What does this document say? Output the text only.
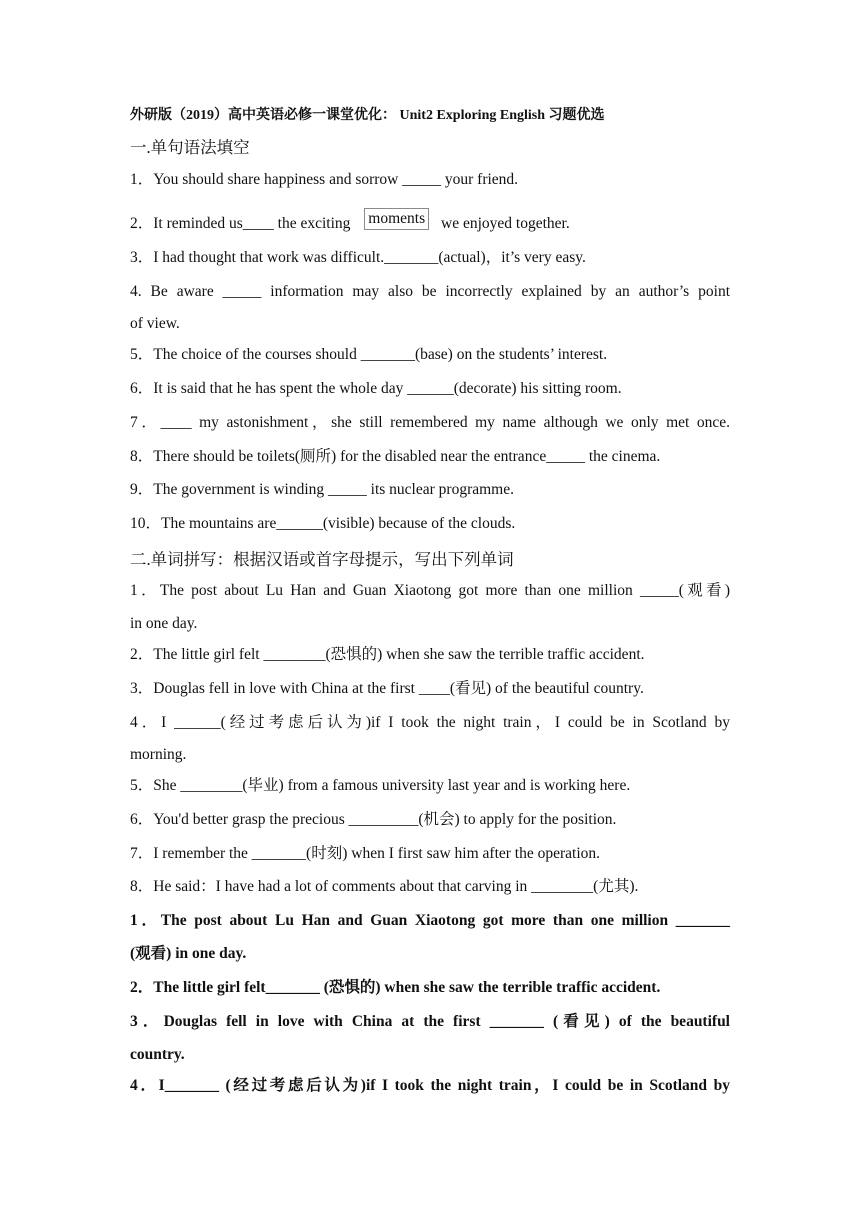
外研版（2019）高中英语必修一课堂优化： Unit2 Exploring English 习题优选
一.单句语法填空
1．You should share happiness and sorrow _____ your friend.
2．It reminded us____ the exciting moments we enjoyed together.
3．I had thought that work was difficult._______(actual)，it’s very easy.
4. Be aware _____ information may also be incorrectly explained by an author’s point
of view.
5．The choice of the courses should _______(base) on the students’ interest.
6．It is said that he has spent the whole day ______(decorate) his sitting room.
7．____ my astonishment，she still remembered my name although we only met once.
8．There should be toilets(厕所) for the disabled near the entrance_____ the cinema.
9．The government is winding _____ its nuclear programme.
10．The mountains are______(visible) because of the clouds.
二.单词拼写：根据汉语或首字母提示，写出下列单词
1．The post about Lu Han and Guan Xiaotong got more than one million _____(观看)
in one day.
2．The little girl felt ________(恐惧的) when she saw the terrible traffic accident.
3．Douglas fell in love with China at the first ____(看见) of the beautiful country.
4．I ______(经过考虑后认为)if I took the night train，I could be in Scotland by
morning.
5．She ________(毕业) from a famous university last year and is working here.
6．You'd better grasp the precious _________(机会) to apply for the position.
7．I remember the _______(时刻) when I first saw him after the operation.
8．He said：I have had a lot of comments about that carving in ________(尤其).
1．The post about Lu Han and Guan Xiaotong got more than one million _______
(观看) in one day.
2．The little girl felt_______ (恐惧的) when she saw the terrible traffic accident.
3．Douglas fell in love with China at the first _______ (看见) of the beautiful
country.
4．I_______ (经过考虑后认为)if I took the night train，I could be in Scotland by
